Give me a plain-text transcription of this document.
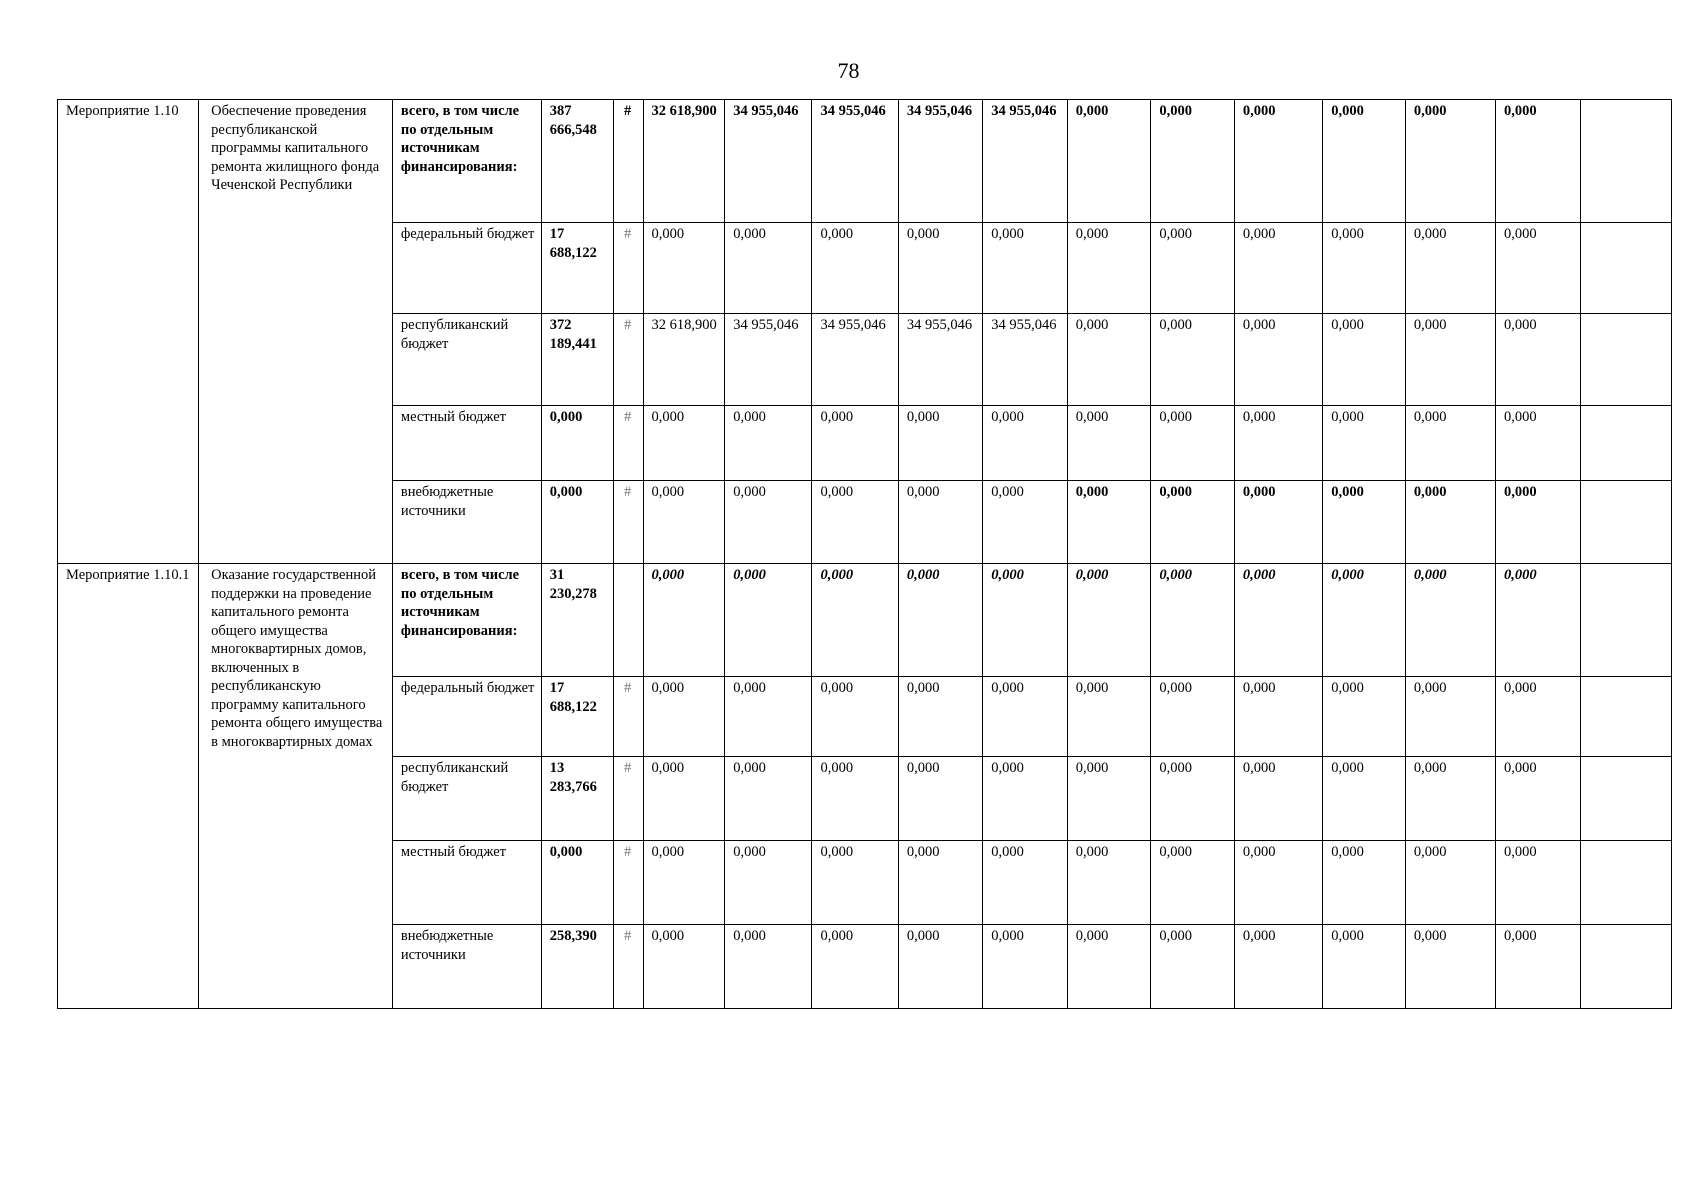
78
Мероприятие 1.10	Обеспечение проведения республиканской программы капитального ремонта жилищного фонда Чеченской Республики	всего, в том числе по отдельным источникам финансирования:	387 666,548	#	32 618,900	34 955,046	34 955,046	34 955,046	34 955,046	0,000	0,000	0,000	0,000	0,000	0,000	
		федеральный бюджет	17 688,122	#	0,000	0,000	0,000	0,000	0,000	0,000	0,000	0,000	0,000	0,000	0,000	
		республиканский бюджет	372 189,441	#	32 618,900	34 955,046	34 955,046	34 955,046	34 955,046	0,000	0,000	0,000	0,000	0,000	0,000	
		местный бюджет	0,000	#	0,000	0,000	0,000	0,000	0,000	0,000	0,000	0,000	0,000	0,000	0,000	
		внебюджетные источники	0,000	#	0,000	0,000	0,000	0,000	0,000	0,000	0,000	0,000	0,000	0,000	0,000	
Мероприятие 1.10.1	Оказание государственной поддержки на проведение капитального ремонта общего имущества многоквартирных домов, включенных в республиканскую программу капитального ремонта общего имущества в многоквартирных домах	всего, в том числе по отдельным источникам финансирования:	31 230,278		0,000	0,000	0,000	0,000	0,000	0,000	0,000	0,000	0,000	0,000	0,000	
		федеральный бюджет	17 688,122	#	0,000	0,000	0,000	0,000	0,000	0,000	0,000	0,000	0,000	0,000	0,000	
		республиканский бюджет	13 283,766	#	0,000	0,000	0,000	0,000	0,000	0,000	0,000	0,000	0,000	0,000	0,000	
		местный бюджет	0,000	#	0,000	0,000	0,000	0,000	0,000	0,000	0,000	0,000	0,000	0,000	0,000	
		внебюджетные источники	258,390	#	0,000	0,000	0,000	0,000	0,000	0,000	0,000	0,000	0,000	0,000	0,000	
